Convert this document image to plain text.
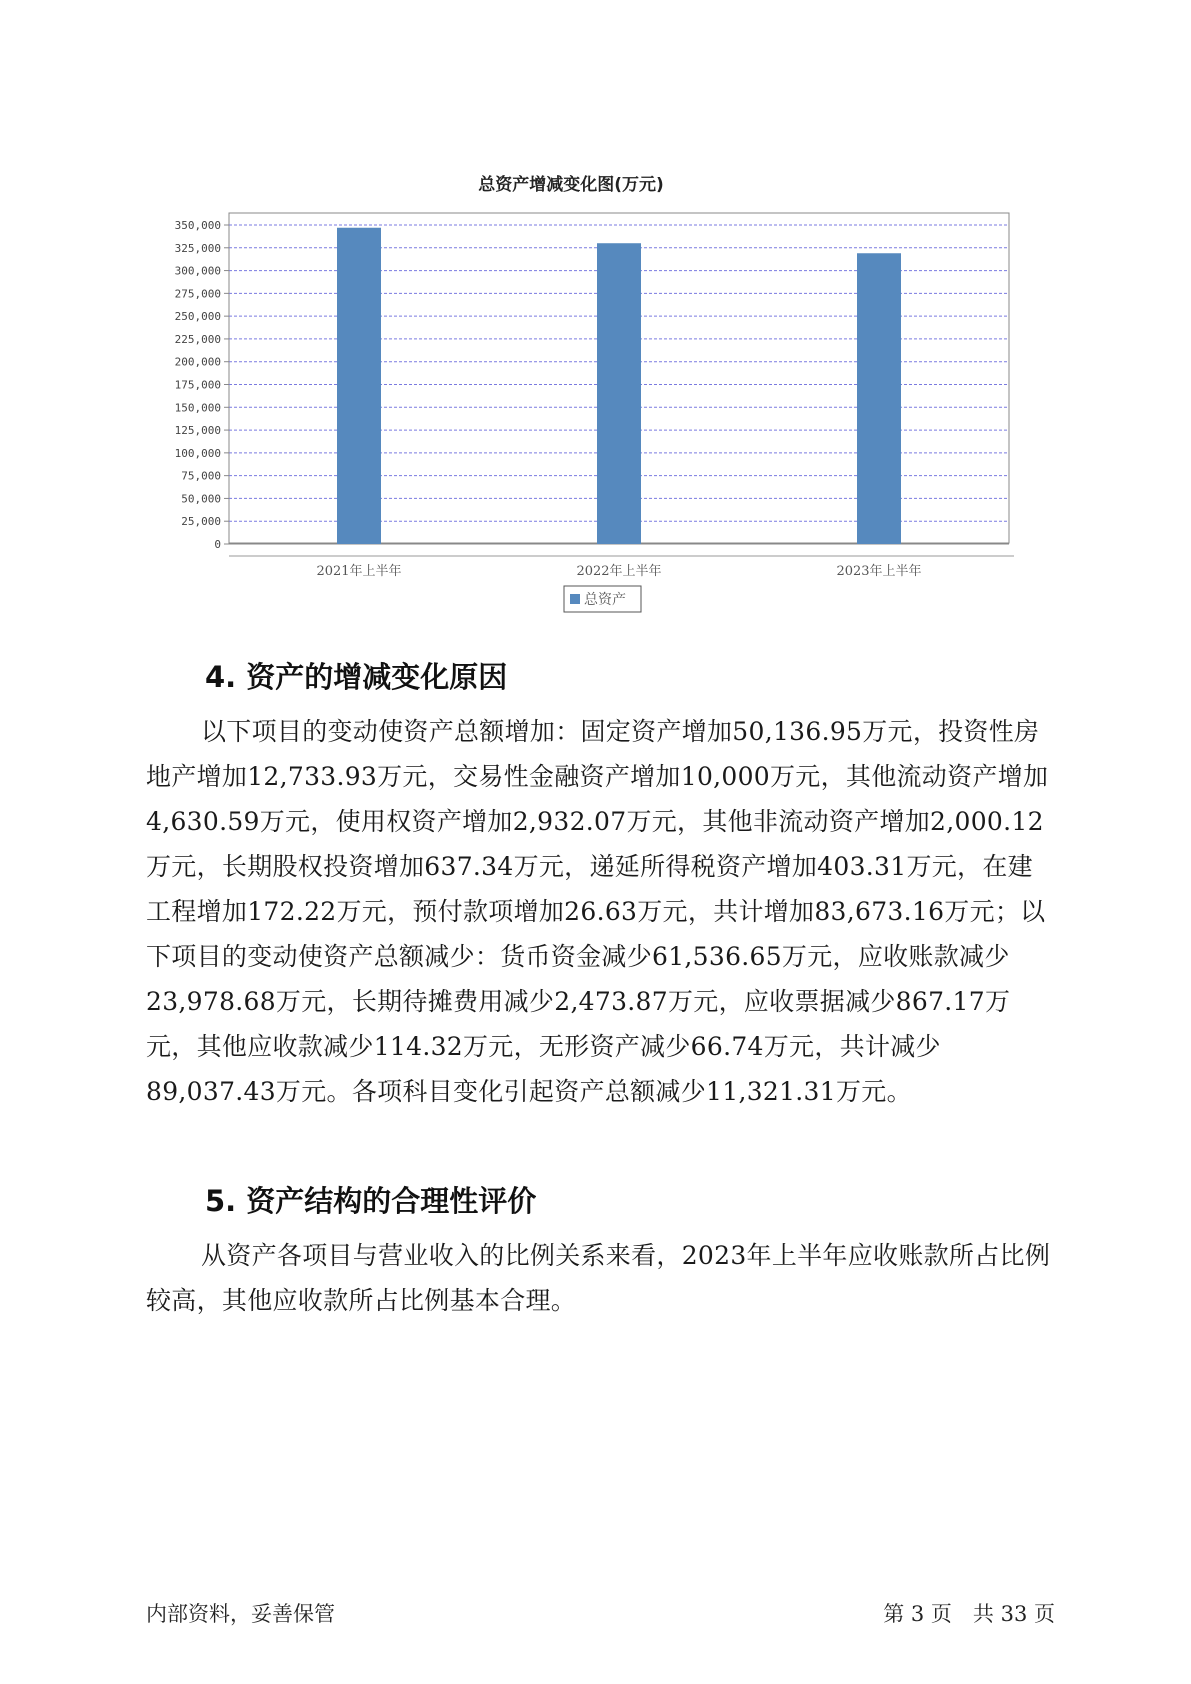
总资产增减变化图(万元)
0
25,000
50,000
75,000
100,000
125,000
150,000
175,000
200,000
225,000
250,000
275,000
300,000
325,000
350,000
2021年上半年	2022年上半年	2023年上半年
总资产
4. 资产的增减变化原因

以下项目的变动使资产总额增加：固定资产增加50,136.95万元，投资性房地产增加12,733.93万元，交易性金融资产增加10,000万元，其他流动资产增加4,630.59万元，使用权资产增加2,932.07万元，其他非流动资产增加2,000.12万元，长期股权投资增加637.34万元，递延所得税资产增加403.31万元，在建工程增加172.22万元，预付款项增加26.63万元，共计增加83,673.16万元；以下项目的变动使资产总额减少：货币资金减少61,536.65万元，应收账款减少23,978.68万元，长期待摊费用减少2,473.87万元，应收票据减少867.17万元，其他应收款减少114.32万元，无形资产减少66.74万元，共计减少89,037.43万元。各项科目变化引起资产总额减少11,321.31万元。

5. 资产结构的合理性评价

从资产各项目与营业收入的比例关系来看，2023年上半年应收账款所占比例较高，其他应收款所占比例基本合理。

内部资料，妥善保管	第 3 页　共 33 页
